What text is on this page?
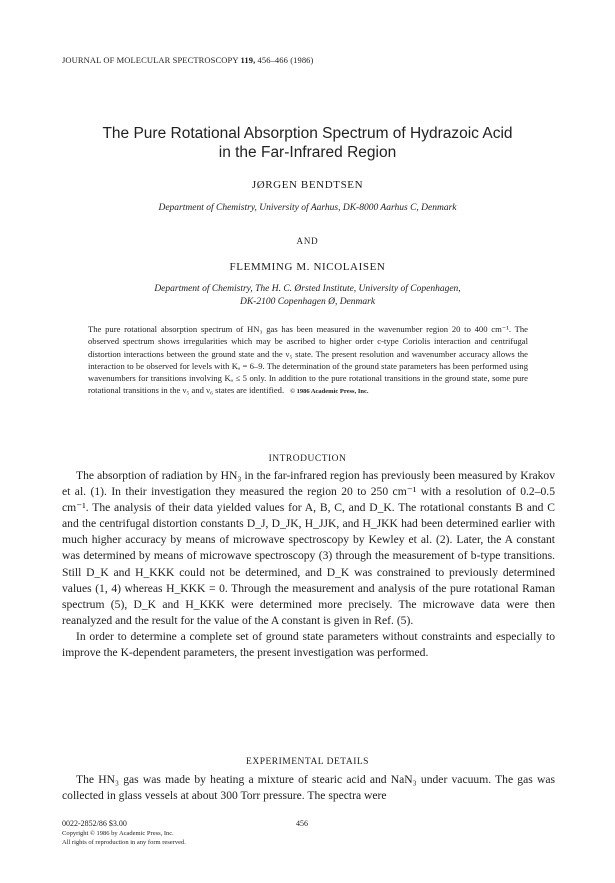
JOURNAL OF MOLECULAR SPECTROSCOPY 119, 456–466 (1986)
The Pure Rotational Absorption Spectrum of Hydrazoic Acid
in the Far-Infrared Region
JØRGEN BENDTSEN
Department of Chemistry, University of Aarhus, DK-8000 Aarhus C, Denmark
AND
FLEMMING M. NICOLAISEN
Department of Chemistry, The H. C. Ørsted Institute, University of Copenhagen,
DK-2100 Copenhagen Ø, Denmark
The pure rotational absorption spectrum of HN₃ gas has been measured in the wavenumber region 20 to 400 cm⁻¹. The observed spectrum shows irregularities which may be ascribed to higher order c-type Coriolis interaction and centrifugal distortion interactions between the ground state and the ν₅ state. The present resolution and wavenumber accuracy allows the interaction to be observed for levels with Kₐ = 6–9. The determination of the ground state parameters has been performed using wavenumbers for transitions involving Kₐ ≤ 5 only. In addition to the pure rotational transitions in the ground state, some pure rotational transitions in the ν₅ and ν₆ states are identified. © 1986 Academic Press, Inc.
INTRODUCTION

The absorption of radiation by HN₃ in the far-infrared region has previously been measured by Krakov et al. (1). In their investigation they measured the region 20 to 250 cm⁻¹ with a resolution of 0.2–0.5 cm⁻¹. The analysis of their data yielded values for A, B, C, and D_K. The rotational constants B and C and the centrifugal distortion constants D_J, D_JK, H_JJK, and H_JKK had been determined earlier with much higher accuracy by means of microwave spectroscopy by Kewley et al. (2). Later, the A constant was determined by means of microwave spectroscopy (3) through the measurement of b-type transitions. Still D_K and H_KKK could not be determined, and D_K was constrained to previously determined values (1, 4) whereas H_KKK = 0. Through the measurement and analysis of the pure rotational Raman spectrum (5), D_K and H_KKK were determined more precisely. The microwave data were then reanalyzed and the result for the value of the A constant is given in Ref. (5).

In order to determine a complete set of ground state parameters without constraints and especially to improve the K-dependent parameters, the present investigation was performed.

EXPERIMENTAL DETAILS

The HN₃ gas was made by heating a mixture of stearic acid and NaN₃ under vacuum. The gas was collected in glass vessels at about 300 Torr pressure. The spectra were

0022-2852/86 $3.00
Copyright © 1986 by Academic Press, Inc.
All rights of reproduction in any form reserved.
456
